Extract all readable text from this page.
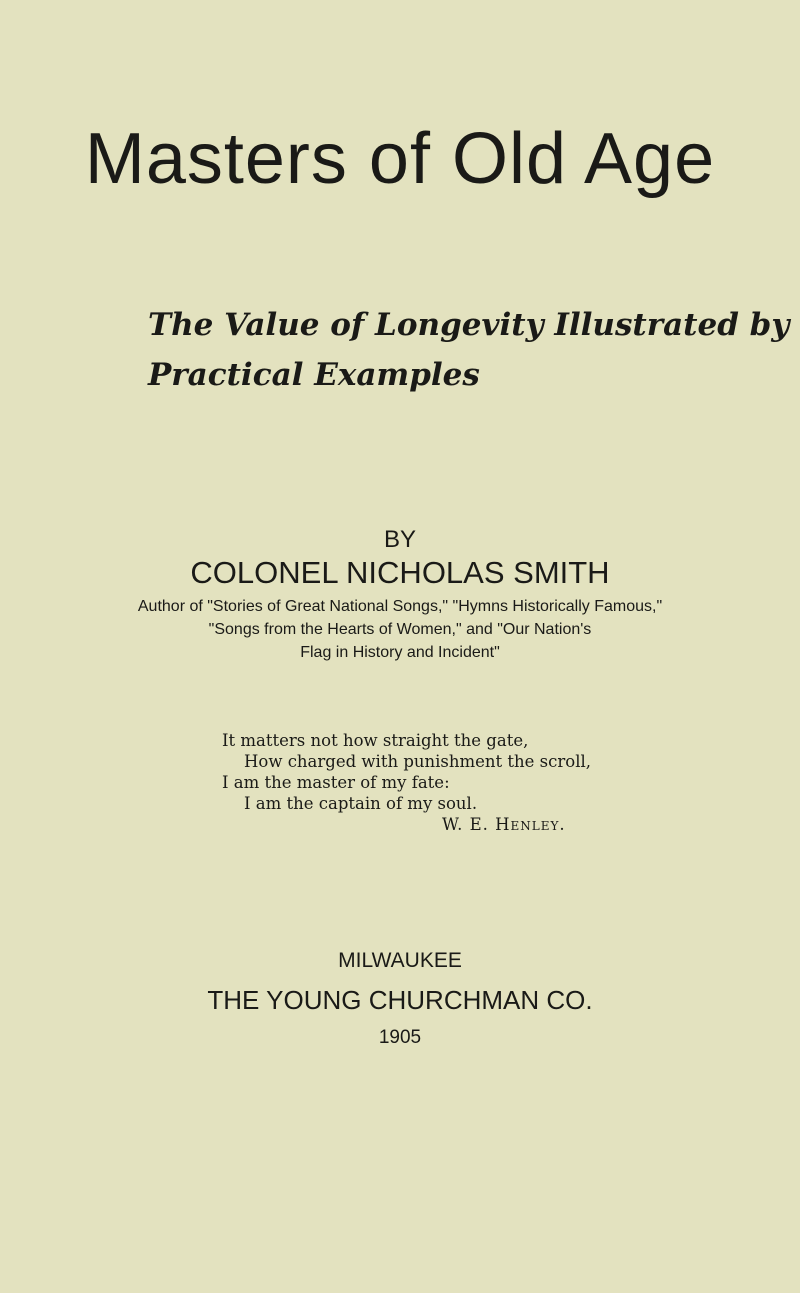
Masters of Old Age
The Value of Longevity Illustrated by
Practical Examples
BY
COLONEL NICHOLAS SMITH
Author of "Stories of Great National Songs," "Hymns Historically Famous,"
"Songs from the Hearts of Women," and "Our Nation's
Flag in History and Incident"
It matters not how straight the gate,
How charged with punishment the scroll,
I am the master of my fate:
I am the captain of my soul.
W. E. Henley.
MILWAUKEE
THE YOUNG CHURCHMAN CO.
1905
